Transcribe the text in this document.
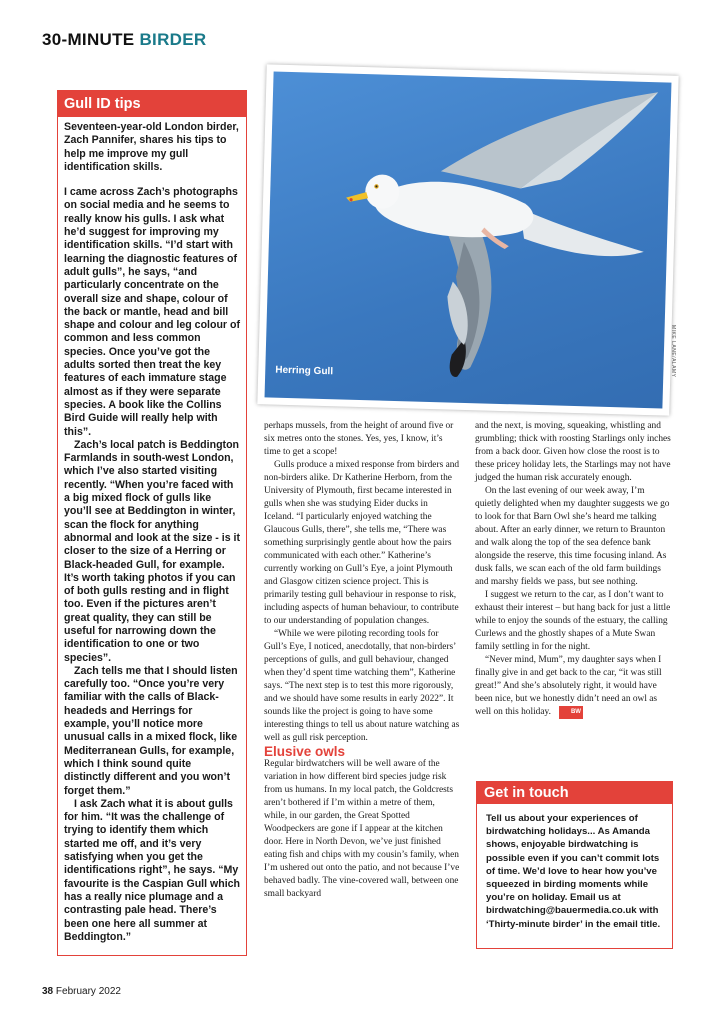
30-MINUTE BIRDER
Gull ID tips

Seventeen-year-old London birder, Zach Pannifer, shares his tips to help me improve my gull identification skills.

I came across Zach’s photographs on social media and he seems to really know his gulls. I ask what he’d suggest for improving my identification skills. “I’d start with learning the diagnostic features of adult gulls”, he says, “and particularly concentrate on the overall size and shape, colour of the back or mantle, head and bill shape and colour and leg colour of common and less common species. Once you’ve got the adults sorted then treat the key features of each immature stage almost as if they were separate species. A book like the Collins Bird Guide will really help with this”.

Zach’s local patch is Beddington Farmlands in south-west London, which I’ve also started visiting recently. “When you’re faced with a big mixed flock of gulls like you’ll see at Beddington in winter, scan the flock for anything abnormal and look at the size - is it closer to the size of a Herring or Black-headed Gull, for example. It’s worth taking photos if you can of both gulls resting and in flight too. Even if the pictures aren’t great quality, they can still be useful for narrowing down the identification to one or two species”.

Zach tells me that I should listen carefully too. “Once you’re very familiar with the calls of Black-headeds and Herrings for example, you’ll notice more unusual calls in a mixed flock, like Mediterranean Gulls, for example, which I think sound quite distinctly different and you won’t forget them.”

I ask Zach what it is about gulls for him. “It was the challenge of trying to identify them which started me off, and it’s very satisfying when you get the identifications right”, he says. “My favourite is the Caspian Gull which has a really nice plumage and a contrasting pale head. There’s been one here all summer at Beddington.”

Herring Gull	MIKE LANE/ALAMY

perhaps mussels, from the height of around five or six metres onto the stones. Yes, yes, I know, it’s time to get a scope!

Gulls produce a mixed response from birders and non-birders alike. Dr Katherine Herborn, from the University of Plymouth, first became interested in gulls when she was studying Eider ducks in Iceland. “I particularly enjoyed watching the Glaucous Gulls, there”, she tells me, “There was something surprisingly gentle about how the pairs communicated with each other.” Katherine’s currently working on Gull’s Eye, a joint Plymouth and Glasgow citizen science project. This is primarily testing gull behaviour in response to risk, including aspects of human behaviour, to contribute to our understanding of population changes.

“While we were piloting recording tools for Gull’s Eye, I noticed, anecdotally, that non-birders’ perceptions of gulls, and gull behaviour, changed when they’d spent time watching them”, Katherine says. “The next step is to test this more rigorously, and we should have some results in early 2022”. It sounds like the project is going to have some interesting things to tell us about nature watching as well as gull risk perception.

Elusive owls

Regular birdwatchers will be well aware of the variation in how different bird species judge risk from us humans. In my local patch, the Goldcrests aren’t bothered if I’m within a metre of them, while, in our garden, the Great Spotted Woodpeckers are gone if I appear at the kitchen door. Here in North Devon, we’ve just finished eating fish and chips with my cousin’s family, when I’m ushered out onto the patio, and not because I’ve behaved badly. The vine-covered wall, between one small backyard

and the next, is moving, squeaking, whistling and grumbling; thick with roosting Starlings only inches from a back door. Given how close the roost is to these pricey holiday lets, the Starlings may not have judged the human risk accurately enough.

On the last evening of our week away, I’m quietly delighted when my daughter suggests we go to look for that Barn Owl she’s heard me talking about. After an early dinner, we return to Braunton and walk along the top of the sea defence bank alongside the reserve, this time focusing inland. As dusk falls, we scan each of the old farm buildings and marshy fields we pass, but see nothing.

I suggest we return to the car, as I don’t want to exhaust their interest – but hang back for just a little while to enjoy the sounds of the estuary, the calling Curlews and the ghostly shapes of a Mute Swan family settling in for the night.

“Never mind, Mum”, my daughter says when I finally give in and get back to the car, “it was still great!” And she’s absolutely right, it would have been nice, but we honestly didn’t need an owl as well on this holiday.	BW

Get in touch
Tell us about your experiences of birdwatching holidays... As Amanda shows, enjoyable birdwatching is possible even if you can’t commit lots of time. We’d love to hear how you’ve squeezed in birding moments while you’re on holiday. Email us at birdwatching@bauermedia.co.uk with ‘Thirty-minute birder’ in the email title.
38 February 2022
